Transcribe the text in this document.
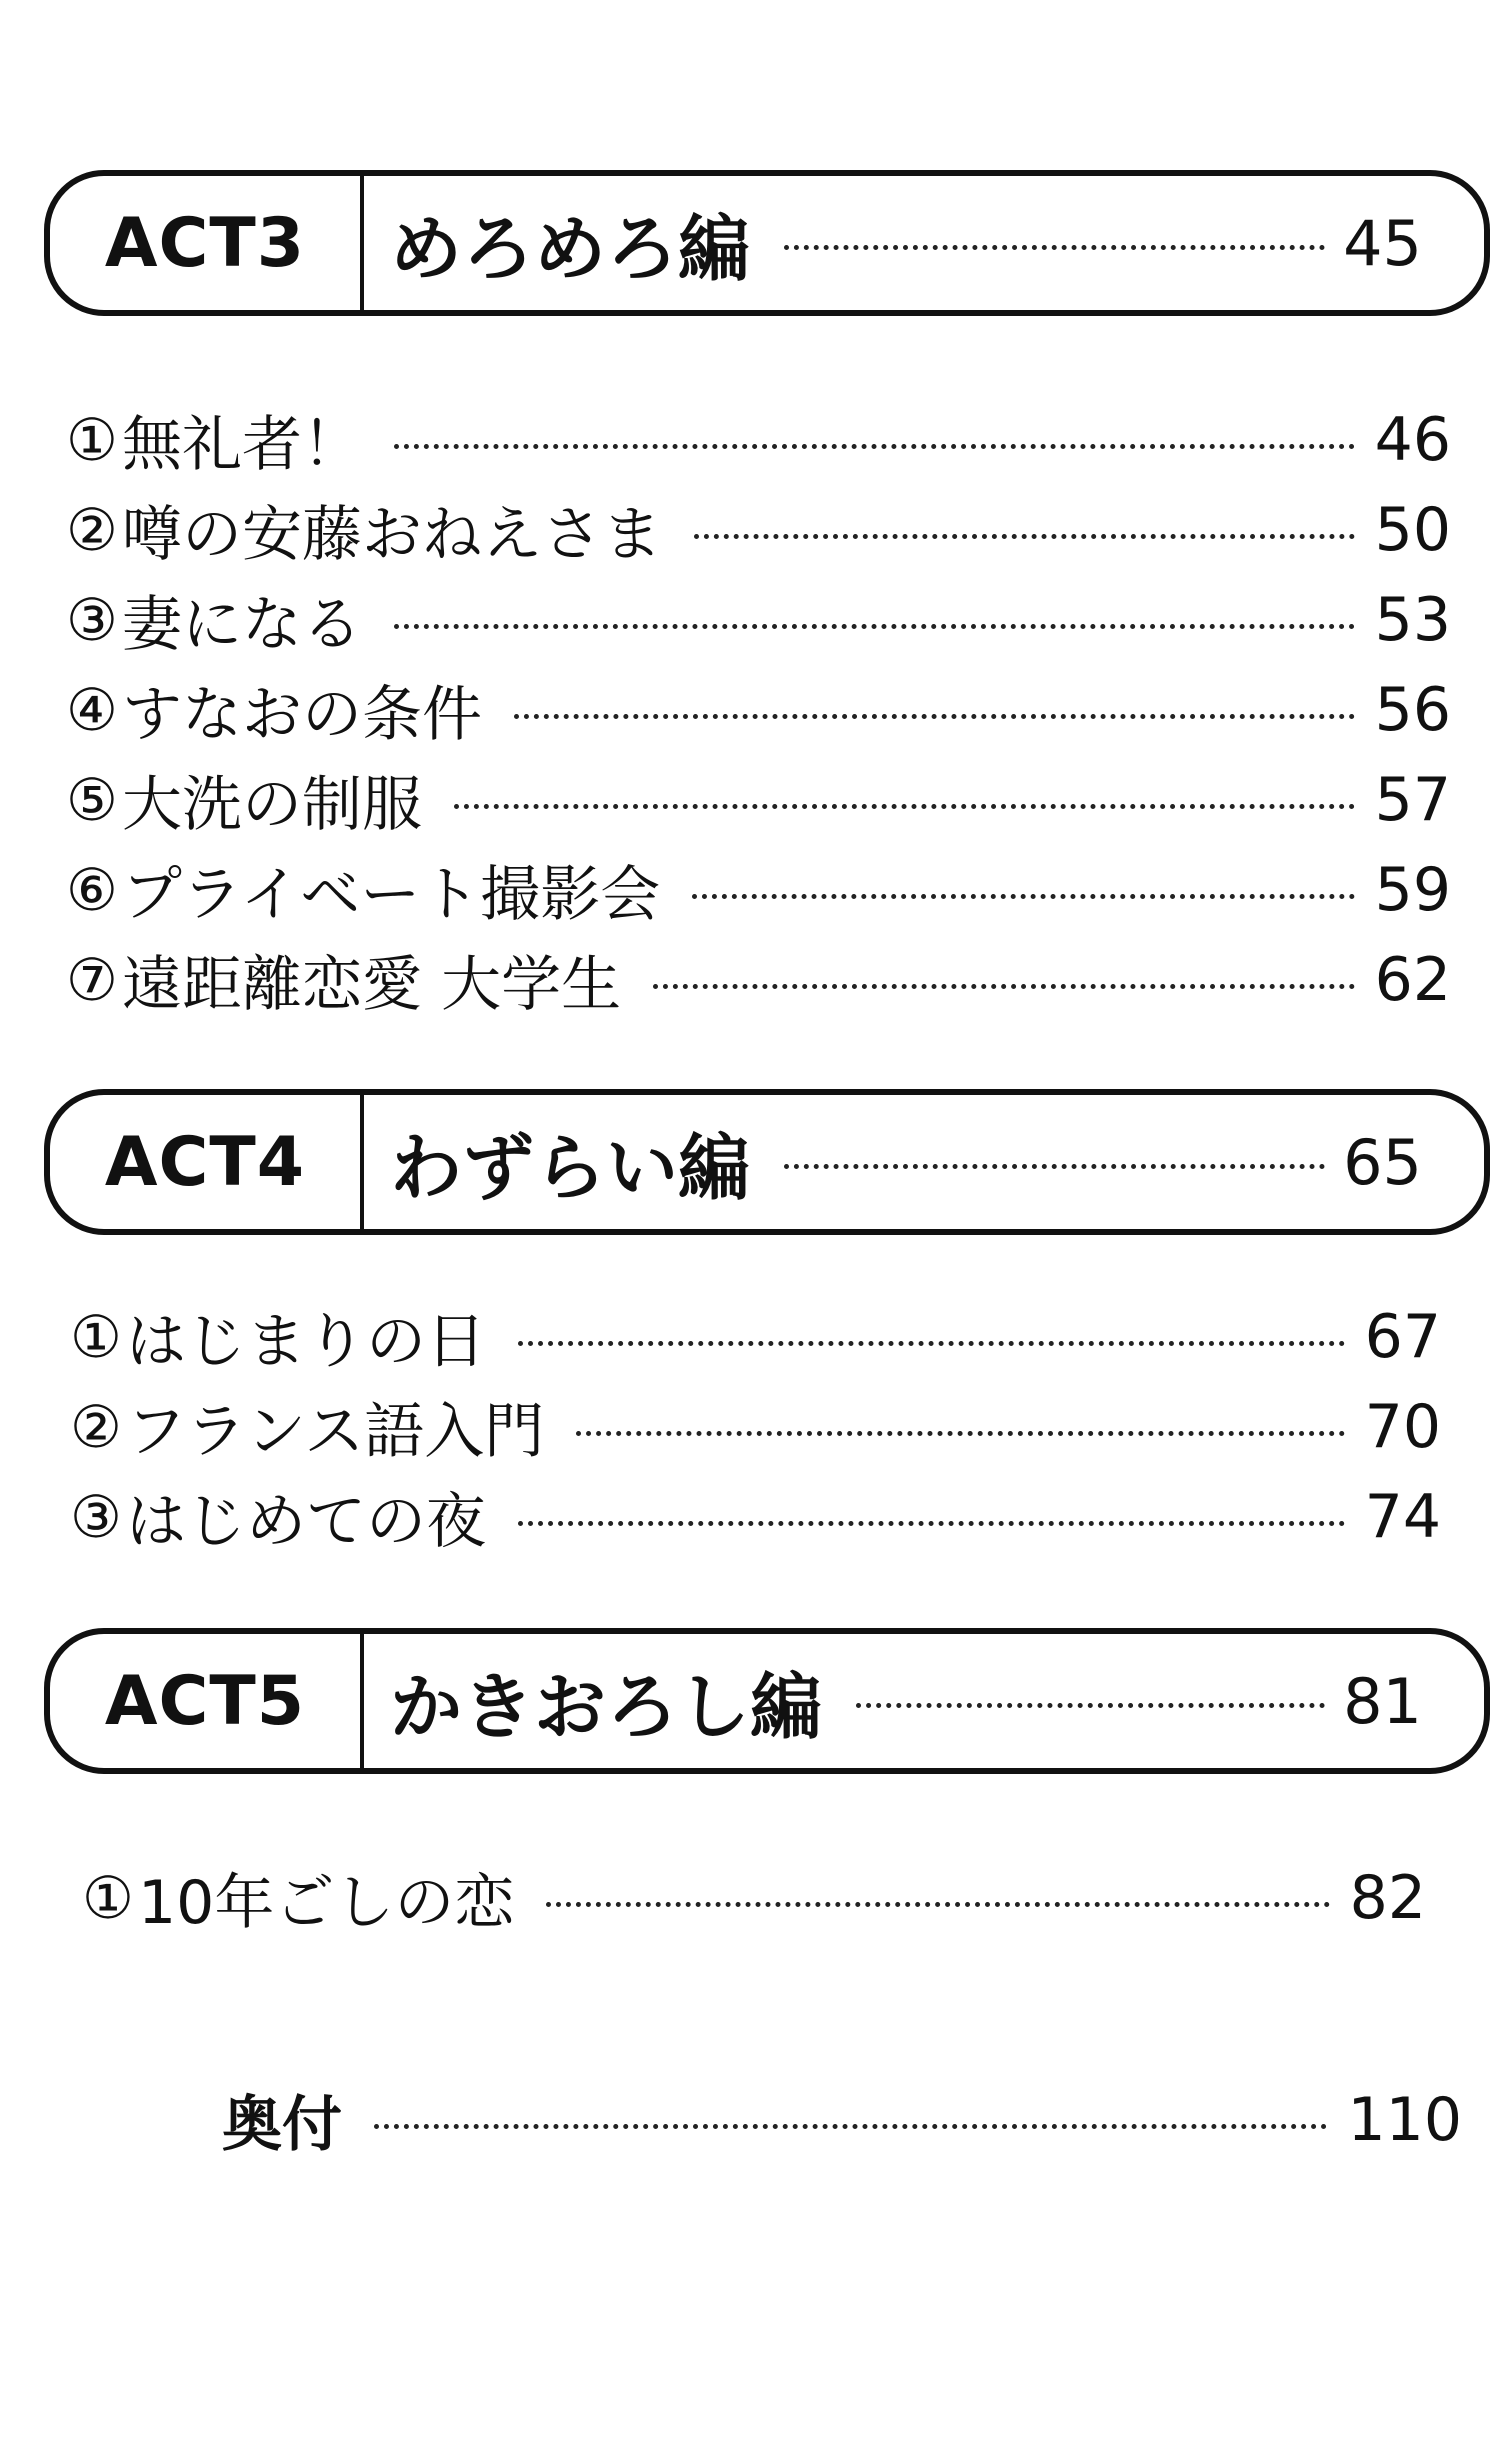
ACT3	めろめろ編	45
① 無礼者！	46
② 噂の安藤おねえさま	50
③ 妻になる	53
④ すなおの条件	56
⑤ 大洗の制服	57
⑥ プライベート撮影会	59
⑦ 遠距離恋愛 大学生	62
ACT4	わずらい編	65
① はじまりの日	67
② フランス語入門	70
③ はじめての夜	74
ACT5	かきおろし編	81
① 10年ごしの恋	82
奥付	110
